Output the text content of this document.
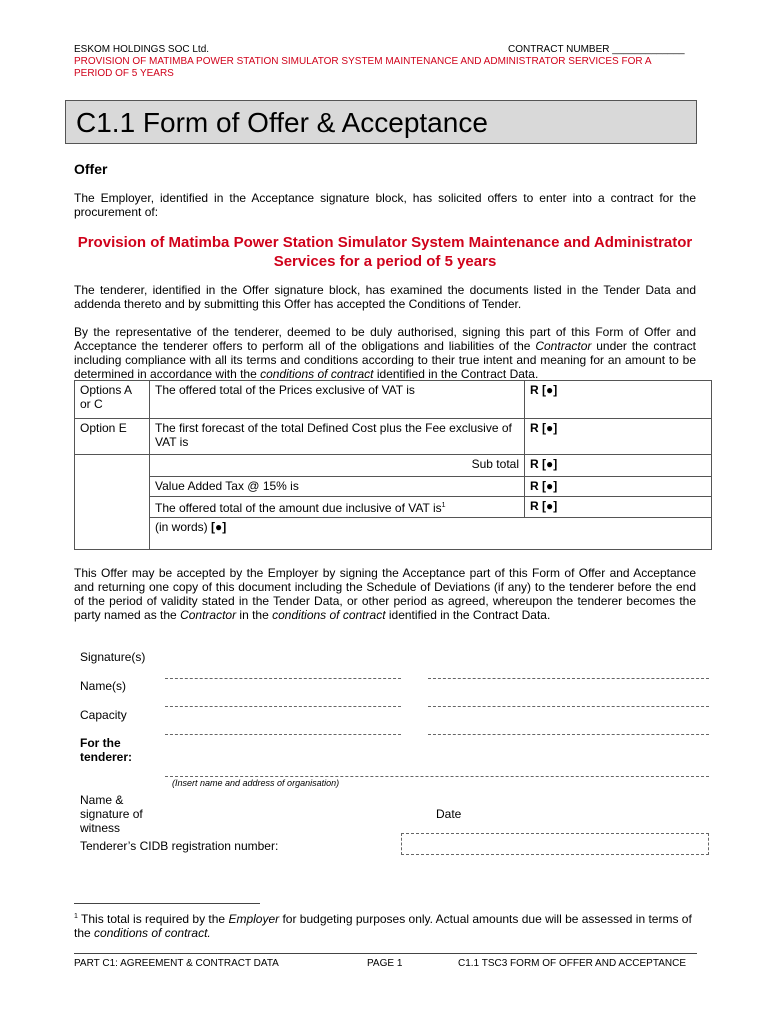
ESKOM HOLDINGS SOC Ltd.	CONTRACT NUMBER _____________
PROVISION OF MATIMBA POWER STATION SIMULATOR SYSTEM MAINTENANCE AND ADMINISTRATOR SERVICES FOR A
PERIOD OF 5 YEARS
C1.1 Form of Offer & Acceptance
Offer
The Employer, identified in the Acceptance signature block, has solicited offers to enter into a contract for the procurement of:
Provision of Matimba Power Station Simulator System Maintenance and Administrator Services for a period of 5 years
The tenderer, identified in the Offer signature block, has examined the documents listed in the Tender Data and addenda thereto and by submitting this Offer has accepted the Conditions of Tender.
By the representative of the tenderer, deemed to be duly authorised, signing this part of this Form of Offer and Acceptance the tenderer offers to perform all of the obligations and liabilities of the Contractor under the contract including compliance with all its terms and conditions according to their true intent and meaning for an amount to be determined in accordance with the conditions of contract identified in the Contract Data.
Options A or C	The offered total of the Prices exclusive of VAT is	R [●]
Option E	The first forecast of the total Defined Cost plus the Fee exclusive of VAT is	R [●]
	Sub total	R [●]
	Value Added Tax @ 15% is	R [●]
	The offered total of the amount due inclusive of VAT $is^1$	R [●]
	(in words) [●]	
This Offer may be accepted by the Employer by signing the Acceptance part of this Form of Offer and Acceptance and returning one copy of this document including the Schedule of Deviations (if any) to the tenderer before the end of the period of validity stated in the Tender Data, or other period as agreed, whereupon the tenderer becomes the party named as the Contractor in the conditions of contract identified in the Contract Data.
Signature(s)
Name(s)
Capacity
For the
tenderer:
(Insert name and address of organisation)
Name &
signature of
witness
Date
Tenderer’s CIDB registration number:
$^1$ This total is required by the Employer for budgeting purposes only. Actual amounts due will be assessed in terms of the conditions of contract.
PART C1: AGREEMENT & CONTRACT DATA	PAGE 1	C1.1 TSC3 FORM OF OFFER AND ACCEPTANCE
